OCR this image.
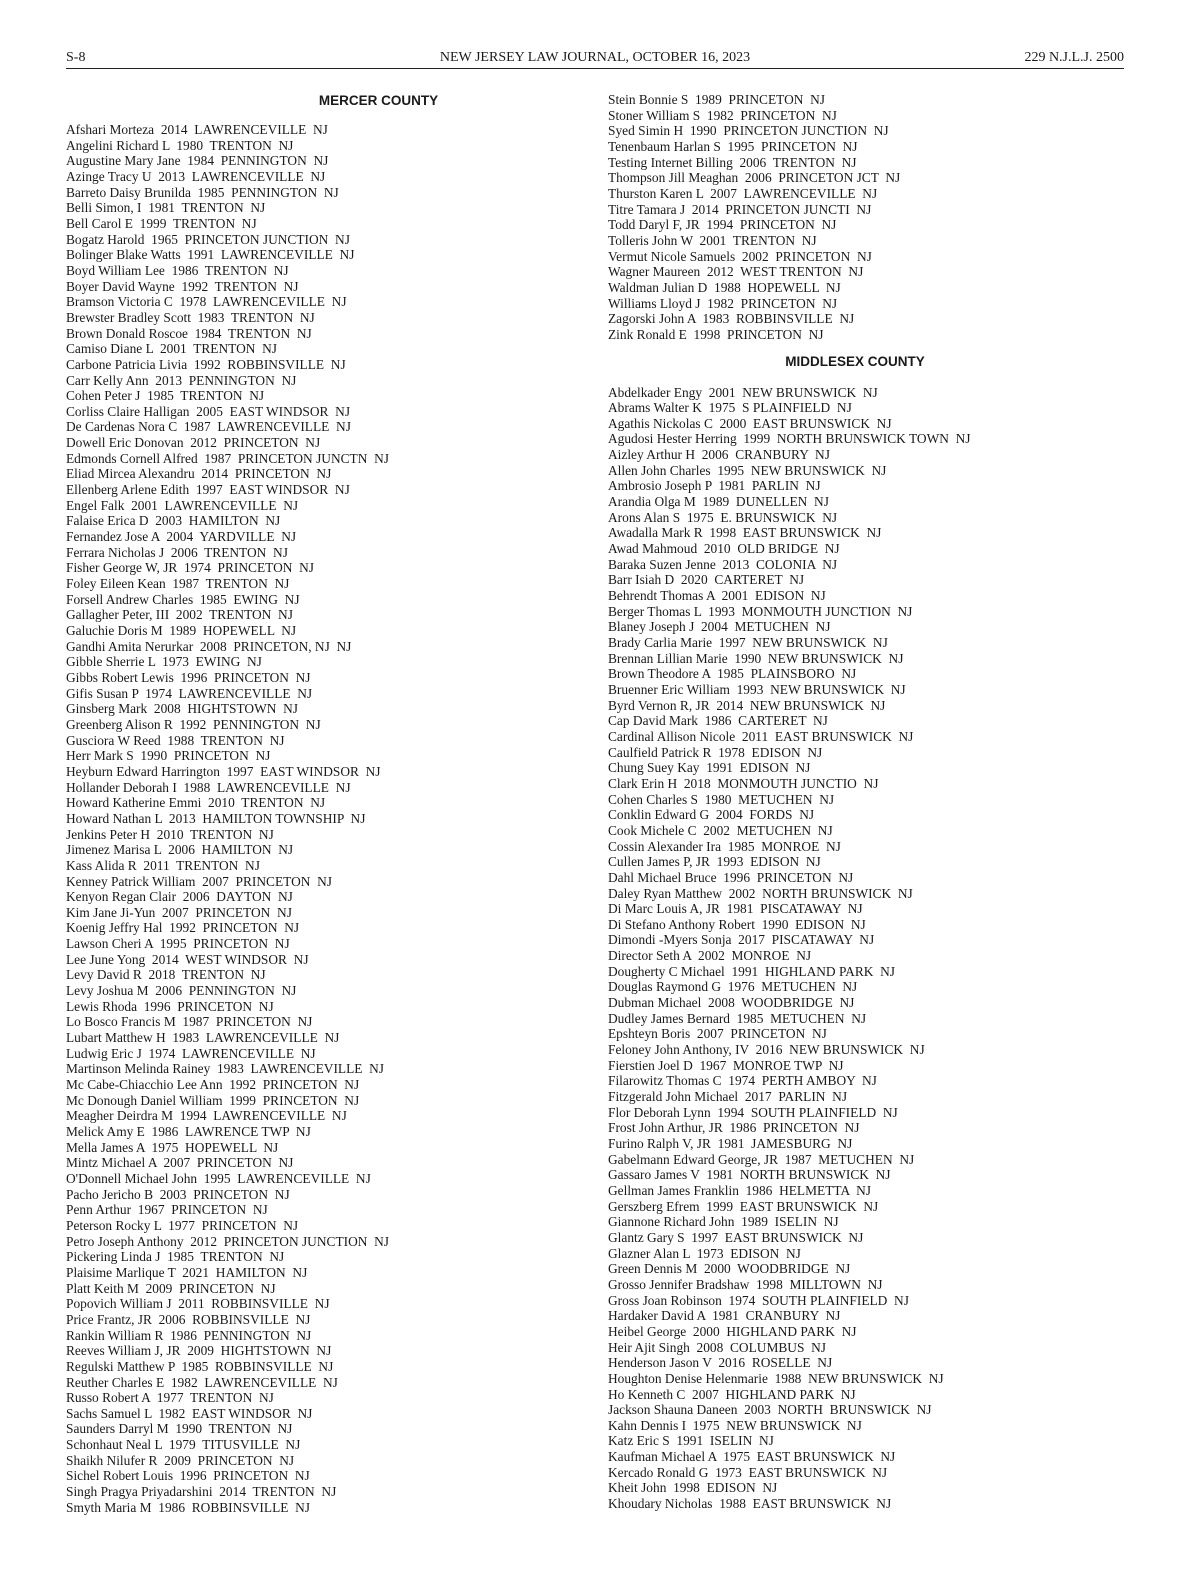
S-8	NEW JERSEY LAW JOURNAL, OCTOBER 16, 2023	229 N.J.L.J. 2500
MERCER COUNTY
Afshari Morteza  2014  LAWRENCEVILLE  NJ
Angelini Richard L  1980  TRENTON  NJ
Augustine Mary Jane  1984  PENNINGTON  NJ
Azinge Tracy U  2013  LAWRENCEVILLE  NJ
Barreto Daisy Brunilda  1985  PENNINGTON  NJ
Belli Simon, I  1981  TRENTON  NJ
Bell Carol E  1999  TRENTON  NJ
Bogatz Harold  1965  PRINCETON JUNCTION  NJ
Bolinger Blake Watts  1991  LAWRENCEVILLE  NJ
Boyd William Lee  1986  TRENTON  NJ
Boyer David Wayne  1992  TRENTON  NJ
Bramson Victoria C  1978  LAWRENCEVILLE  NJ
Brewster Bradley Scott  1983  TRENTON  NJ
Brown Donald Roscoe  1984  TRENTON  NJ
Camiso Diane L  2001  TRENTON  NJ
Carbone Patricia Livia  1992  ROBBINSVILLE  NJ
Carr Kelly Ann  2013  PENNINGTON  NJ
Cohen Peter J  1985  TRENTON  NJ
Corliss Claire Halligan  2005  EAST WINDSOR  NJ
De Cardenas Nora C  1987  LAWRENCEVILLE  NJ
Dowell Eric Donovan  2012  PRINCETON  NJ
Edmonds Cornell Alfred  1987  PRINCETON JUNCTN  NJ
Eliad Mircea Alexandru  2014  PRINCETON  NJ
Ellenberg Arlene Edith  1997  EAST WINDSOR  NJ
Engel Falk  2001  LAWRENCEVILLE  NJ
Falaise Erica D  2003  HAMILTON  NJ
Fernandez Jose A  2004  YARDVILLE  NJ
Ferrara Nicholas J  2006  TRENTON  NJ
Fisher George W, JR  1974  PRINCETON  NJ
Foley Eileen Kean  1987  TRENTON  NJ
Forsell Andrew Charles  1985  EWING  NJ
Gallagher Peter, III  2002  TRENTON  NJ
Galuchie Doris M  1989  HOPEWELL  NJ
Gandhi Amita Nerurkar  2008  PRINCETON, NJ  NJ
Gibble Sherrie L  1973  EWING  NJ
Gibbs Robert Lewis  1996  PRINCETON  NJ
Gifis Susan P  1974  LAWRENCEVILLE  NJ
Ginsberg Mark  2008  HIGHTSTOWN  NJ
Greenberg Alison R  1992  PENNINGTON  NJ
Gusciora W Reed  1988  TRENTON  NJ
Herr Mark S  1990  PRINCETON  NJ
Heyburn Edward Harrington  1997  EAST WINDSOR  NJ
Hollander Deborah I  1988  LAWRENCEVILLE  NJ
Howard Katherine Emmi  2010  TRENTON  NJ
Howard Nathan L  2013  HAMILTON TOWNSHIP  NJ
Jenkins Peter H  2010  TRENTON  NJ
Jimenez Marisa L  2006  HAMILTON  NJ
Kass Alida R  2011  TRENTON  NJ
Kenney Patrick William  2007  PRINCETON  NJ
Kenyon Regan Clair  2006  DAYTON  NJ
Kim Jane Ji-Yun  2007  PRINCETON  NJ
Koenig Jeffry Hal  1992  PRINCETON  NJ
Lawson Cheri A  1995  PRINCETON  NJ
Lee June Yong  2014  WEST WINDSOR  NJ
Levy David R  2018  TRENTON  NJ
Levy Joshua M  2006  PENNINGTON  NJ
Lewis Rhoda  1996  PRINCETON  NJ
Lo Bosco Francis M  1987  PRINCETON  NJ
Lubart Matthew H  1983  LAWRENCEVILLE  NJ
Ludwig Eric J  1974  LAWRENCEVILLE  NJ
Martinson Melinda Rainey  1983  LAWRENCEVILLE  NJ
Mc Cabe-Chiacchio Lee Ann  1992  PRINCETON  NJ
Mc Donough Daniel William  1999  PRINCETON  NJ
Meagher Deirdra M  1994  LAWRENCEVILLE  NJ
Melick Amy E  1986  LAWRENCE TWP  NJ
Mella James A  1975  HOPEWELL  NJ
Mintz Michael A  2007  PRINCETON  NJ
O'Donnell Michael John  1995  LAWRENCEVILLE  NJ
Pacho Jericho B  2003  PRINCETON  NJ
Penn Arthur  1967  PRINCETON  NJ
Peterson Rocky L  1977  PRINCETON  NJ
Petro Joseph Anthony  2012  PRINCETON JUNCTION  NJ
Pickering Linda J  1985  TRENTON  NJ
Plaisime Marlique T  2021  HAMILTON  NJ
Platt Keith M  2009  PRINCETON  NJ
Popovich William J  2011  ROBBINSVILLE  NJ
Price Frantz, JR  2006  ROBBINSVILLE  NJ
Rankin William R  1986  PENNINGTON  NJ
Reeves William J, JR  2009  HIGHTSTOWN  NJ
Regulski Matthew P  1985  ROBBINSVILLE  NJ
Reuther Charles E  1982  LAWRENCEVILLE  NJ
Russo Robert A  1977  TRENTON  NJ
Sachs Samuel L  1982  EAST WINDSOR  NJ
Saunders Darryl M  1990  TRENTON  NJ
Schonhaut Neal L  1979  TITUSVILLE  NJ
Shaikh Nilufer R  2009  PRINCETON  NJ
Sichel Robert Louis  1996  PRINCETON  NJ
Singh Pragya Priyadarshini  2014  TRENTON  NJ
Smyth Maria M  1986  ROBBINSVILLE  NJ
Stein Bonnie S  1989  PRINCETON  NJ
Stoner William S  1982  PRINCETON  NJ
Syed Simin H  1990  PRINCETON JUNCTION  NJ
Tenenbaum Harlan S  1995  PRINCETON  NJ
Testing Internet Billing  2006  TRENTON  NJ
Thompson Jill Meaghan  2006  PRINCETON JCT  NJ
Thurston Karen L  2007  LAWRENCEVILLE  NJ
Titre Tamara J  2014  PRINCETON JUNCTI  NJ
Todd Daryl F, JR  1994  PRINCETON  NJ
Tolleris John W  2001  TRENTON  NJ
Vermut Nicole Samuels  2002  PRINCETON  NJ
Wagner Maureen  2012  WEST TRENTON  NJ
Waldman Julian D  1988  HOPEWELL  NJ
Williams Lloyd J  1982  PRINCETON  NJ
Zagorski John A  1983  ROBBINSVILLE  NJ
Zink Ronald E  1998  PRINCETON  NJ
MIDDLESEX COUNTY
Abdelkader Engy  2001  NEW BRUNSWICK  NJ
Abrams Walter K  1975  S PLAINFIELD  NJ
Agathis Nickolas C  2000  EAST BRUNSWICK  NJ
Agudosi Hester Herring  1999  NORTH BRUNSWICK TOWN  NJ
Aizley Arthur H  2006  CRANBURY  NJ
Allen John Charles  1995  NEW BRUNSWICK  NJ
Ambrosio Joseph P  1981  PARLIN  NJ
Arandia Olga M  1989  DUNELLEN  NJ
Arons Alan S  1975  E. BRUNSWICK  NJ
Awadalla Mark R  1998  EAST BRUNSWICK  NJ
Awad Mahmoud  2010  OLD BRIDGE  NJ
Baraka Suzen Jenne  2013  COLONIA  NJ
Barr Isiah D  2020  CARTERET  NJ
Behrendt Thomas A  2001  EDISON  NJ
Berger Thomas L  1993  MONMOUTH JUNCTION  NJ
Blaney Joseph J  2004  METUCHEN  NJ
Brady Carlia Marie  1997  NEW BRUNSWICK  NJ
Brennan Lillian Marie  1990  NEW BRUNSWICK  NJ
Brown Theodore A  1985  PLAINSBORO  NJ
Bruenner Eric William  1993  NEW BRUNSWICK  NJ
Byrd Vernon R, JR  2014  NEW BRUNSWICK  NJ
Cap David Mark  1986  CARTERET  NJ
Cardinal Allison Nicole  2011  EAST BRUNSWICK  NJ
Caulfield Patrick R  1978  EDISON  NJ
Chung Suey Kay  1991  EDISON  NJ
Clark Erin H  2018  MONMOUTH JUNCTIO  NJ
Cohen Charles S  1980  METUCHEN  NJ
Conklin Edward G  2004  FORDS  NJ
Cook Michele C  2002  METUCHEN  NJ
Cossin Alexander Ira  1985  MONROE  NJ
Cullen James P, JR  1993  EDISON  NJ
Dahl Michael Bruce  1996  PRINCETON  NJ
Daley Ryan Matthew  2002  NORTH BRUNSWICK  NJ
Di Marc Louis A, JR  1981  PISCATAWAY  NJ
Di Stefano Anthony Robert  1990  EDISON  NJ
Dimondi -Myers Sonja  2017  PISCATAWAY  NJ
Director Seth A  2002  MONROE  NJ
Dougherty C Michael  1991  HIGHLAND PARK  NJ
Douglas Raymond G  1976  METUCHEN  NJ
Dubman Michael  2008  WOODBRIDGE  NJ
Dudley James Bernard  1985  METUCHEN  NJ
Epshteyn Boris  2007  PRINCETON  NJ
Feloney John Anthony, IV  2016  NEW BRUNSWICK  NJ
Fierstien Joel D  1967  MONROE TWP  NJ
Filarowitz Thomas C  1974  PERTH AMBOY  NJ
Fitzgerald John Michael  2017  PARLIN  NJ
Flor Deborah Lynn  1994  SOUTH PLAINFIELD  NJ
Frost John Arthur, JR  1986  PRINCETON  NJ
Furino Ralph V, JR  1981  JAMESBURG  NJ
Gabelmann Edward George, JR  1987  METUCHEN  NJ
Gassaro James V  1981  NORTH BRUNSWICK  NJ
Gellman James Franklin  1986  HELMETTA  NJ
Gerszberg Efrem  1999  EAST BRUNSWICK  NJ
Giannone Richard John  1989  ISELIN  NJ
Glantz Gary S  1997  EAST BRUNSWICK  NJ
Glazner Alan L  1973  EDISON  NJ
Green Dennis M  2000  WOODBRIDGE  NJ
Grosso Jennifer Bradshaw  1998  MILLTOWN  NJ
Gross Joan Robinson  1974  SOUTH PLAINFIELD  NJ
Hardaker David A  1981  CRANBURY  NJ
Heibel George  2000  HIGHLAND PARK  NJ
Heir Ajit Singh  2008  COLUMBUS  NJ
Henderson Jason V  2016  ROSELLE  NJ
Houghton Denise Helenmarie  1988  NEW BRUNSWICK  NJ
Ho Kenneth C  2007  HIGHLAND PARK  NJ
Jackson Shauna Daneen  2003  NORTH  BRUNSWICK  NJ
Kahn Dennis I  1975  NEW BRUNSWICK  NJ
Katz Eric S  1991  ISELIN  NJ
Kaufman Michael A  1975  EAST BRUNSWICK  NJ
Kercado Ronald G  1973  EAST BRUNSWICK  NJ
Kheit John  1998  EDISON  NJ
Khoudary Nicholas  1988  EAST BRUNSWICK  NJ
